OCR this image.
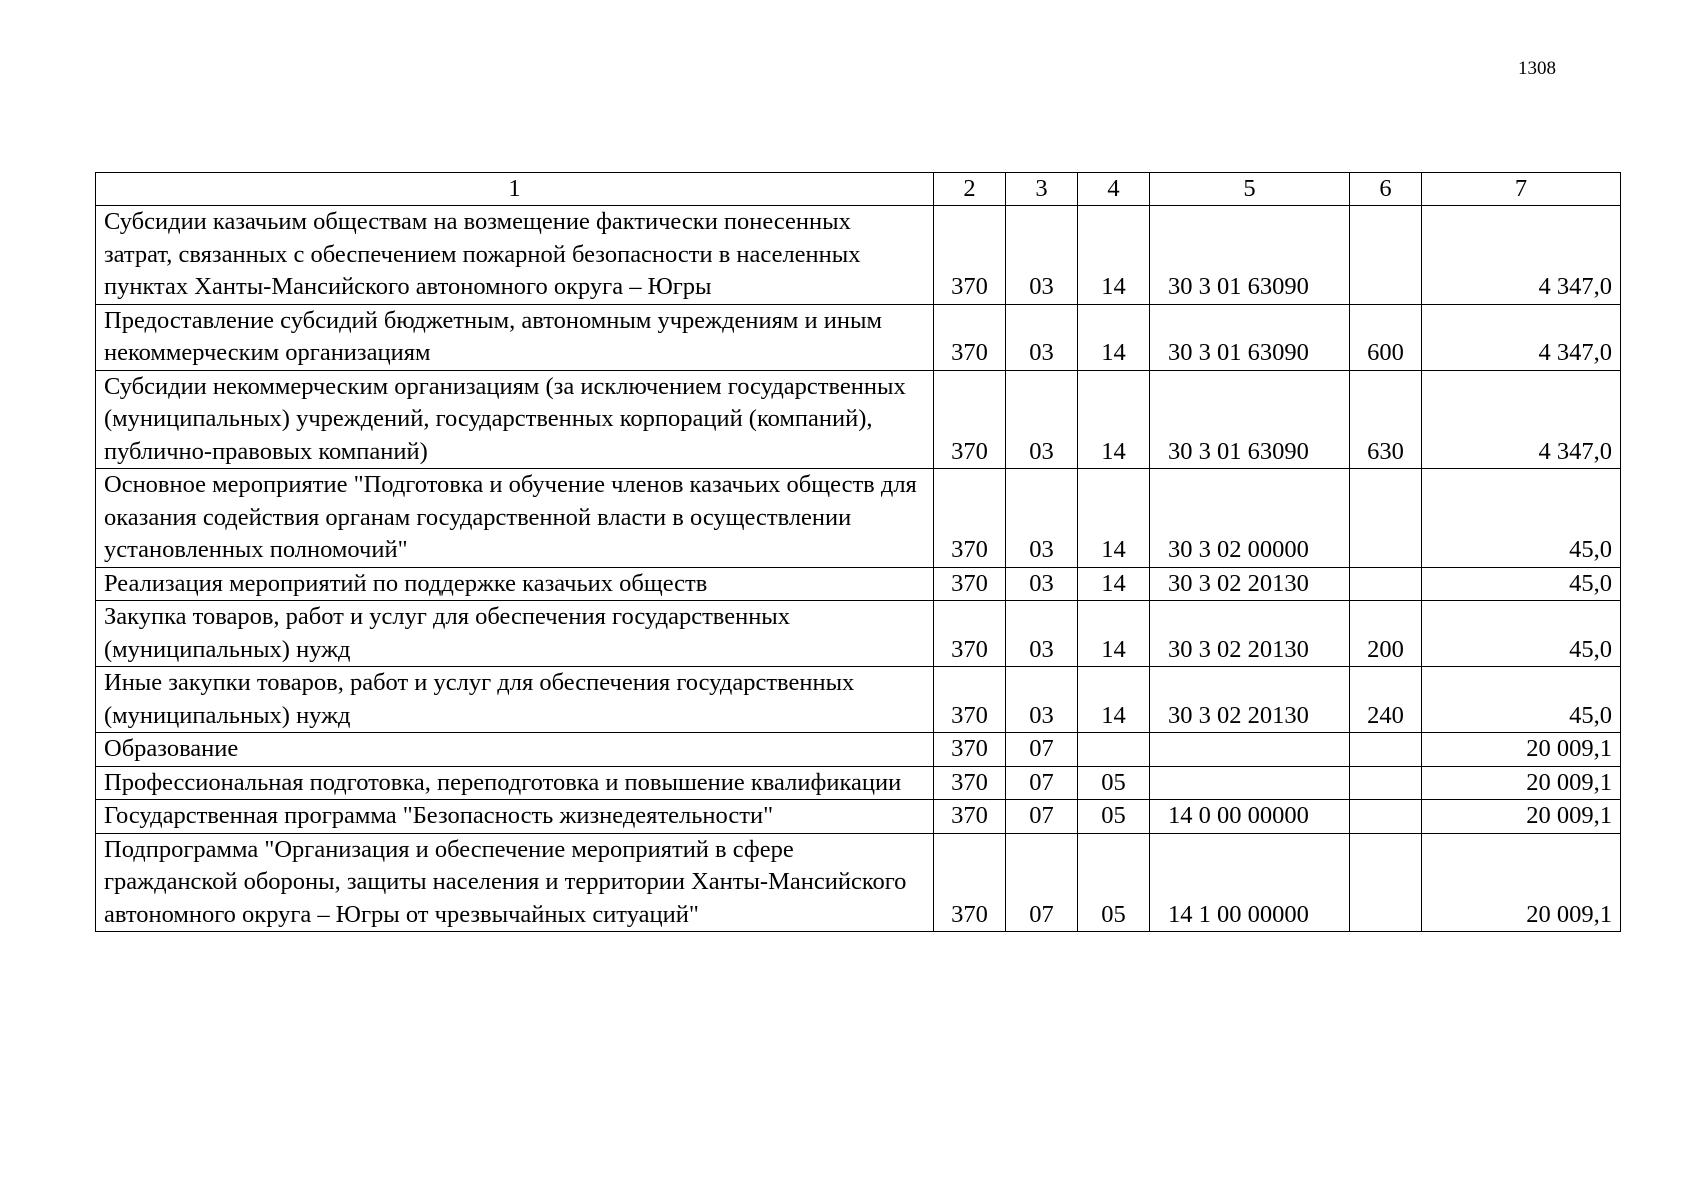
1308
1	2	3	4	5	6	7
Субсидии казачьим обществам на возмещение фактически понесенных затрат, связанных с обеспечением пожарной безопасности в населенных пунктах Ханты-Мансийского автономного округа – Югры	370	03	14	30 3 01 63090		4 347,0
Предоставление субсидий бюджетным, автономным учреждениям и иным некоммерческим организациям	370	03	14	30 3 01 63090	600	4 347,0
Субсидии некоммерческим организациям (за исключением государственных (муниципальных) учреждений, государственных корпораций (компаний), публично-правовых компаний)	370	03	14	30 3 01 63090	630	4 347,0
Основное мероприятие "Подготовка и обучение членов казачьих обществ для оказания содействия органам государственной власти в осуществлении установленных полномочий"	370	03	14	30 3 02 00000		45,0
Реализация мероприятий по поддержке казачьих обществ	370	03	14	30 3 02 20130		45,0
Закупка товаров, работ и услуг для обеспечения государственных (муниципальных) нужд	370	03	14	30 3 02 20130	200	45,0
Иные закупки товаров, работ и услуг для обеспечения государственных (муниципальных) нужд	370	03	14	30 3 02 20130	240	45,0
Образование	370	07				20 009,1
Профессиональная подготовка, переподготовка и повышение квалификации	370	07	05			20 009,1
Государственная программа "Безопасность жизнедеятельности"	370	07	05	14 0 00 00000		20 009,1
Подпрограмма "Организация и обеспечение мероприятий в сфере гражданской обороны, защиты населения и территории Ханты-Мансийского автономного округа – Югры от чрезвычайных ситуаций"	370	07	05	14 1 00 00000		20 009,1
